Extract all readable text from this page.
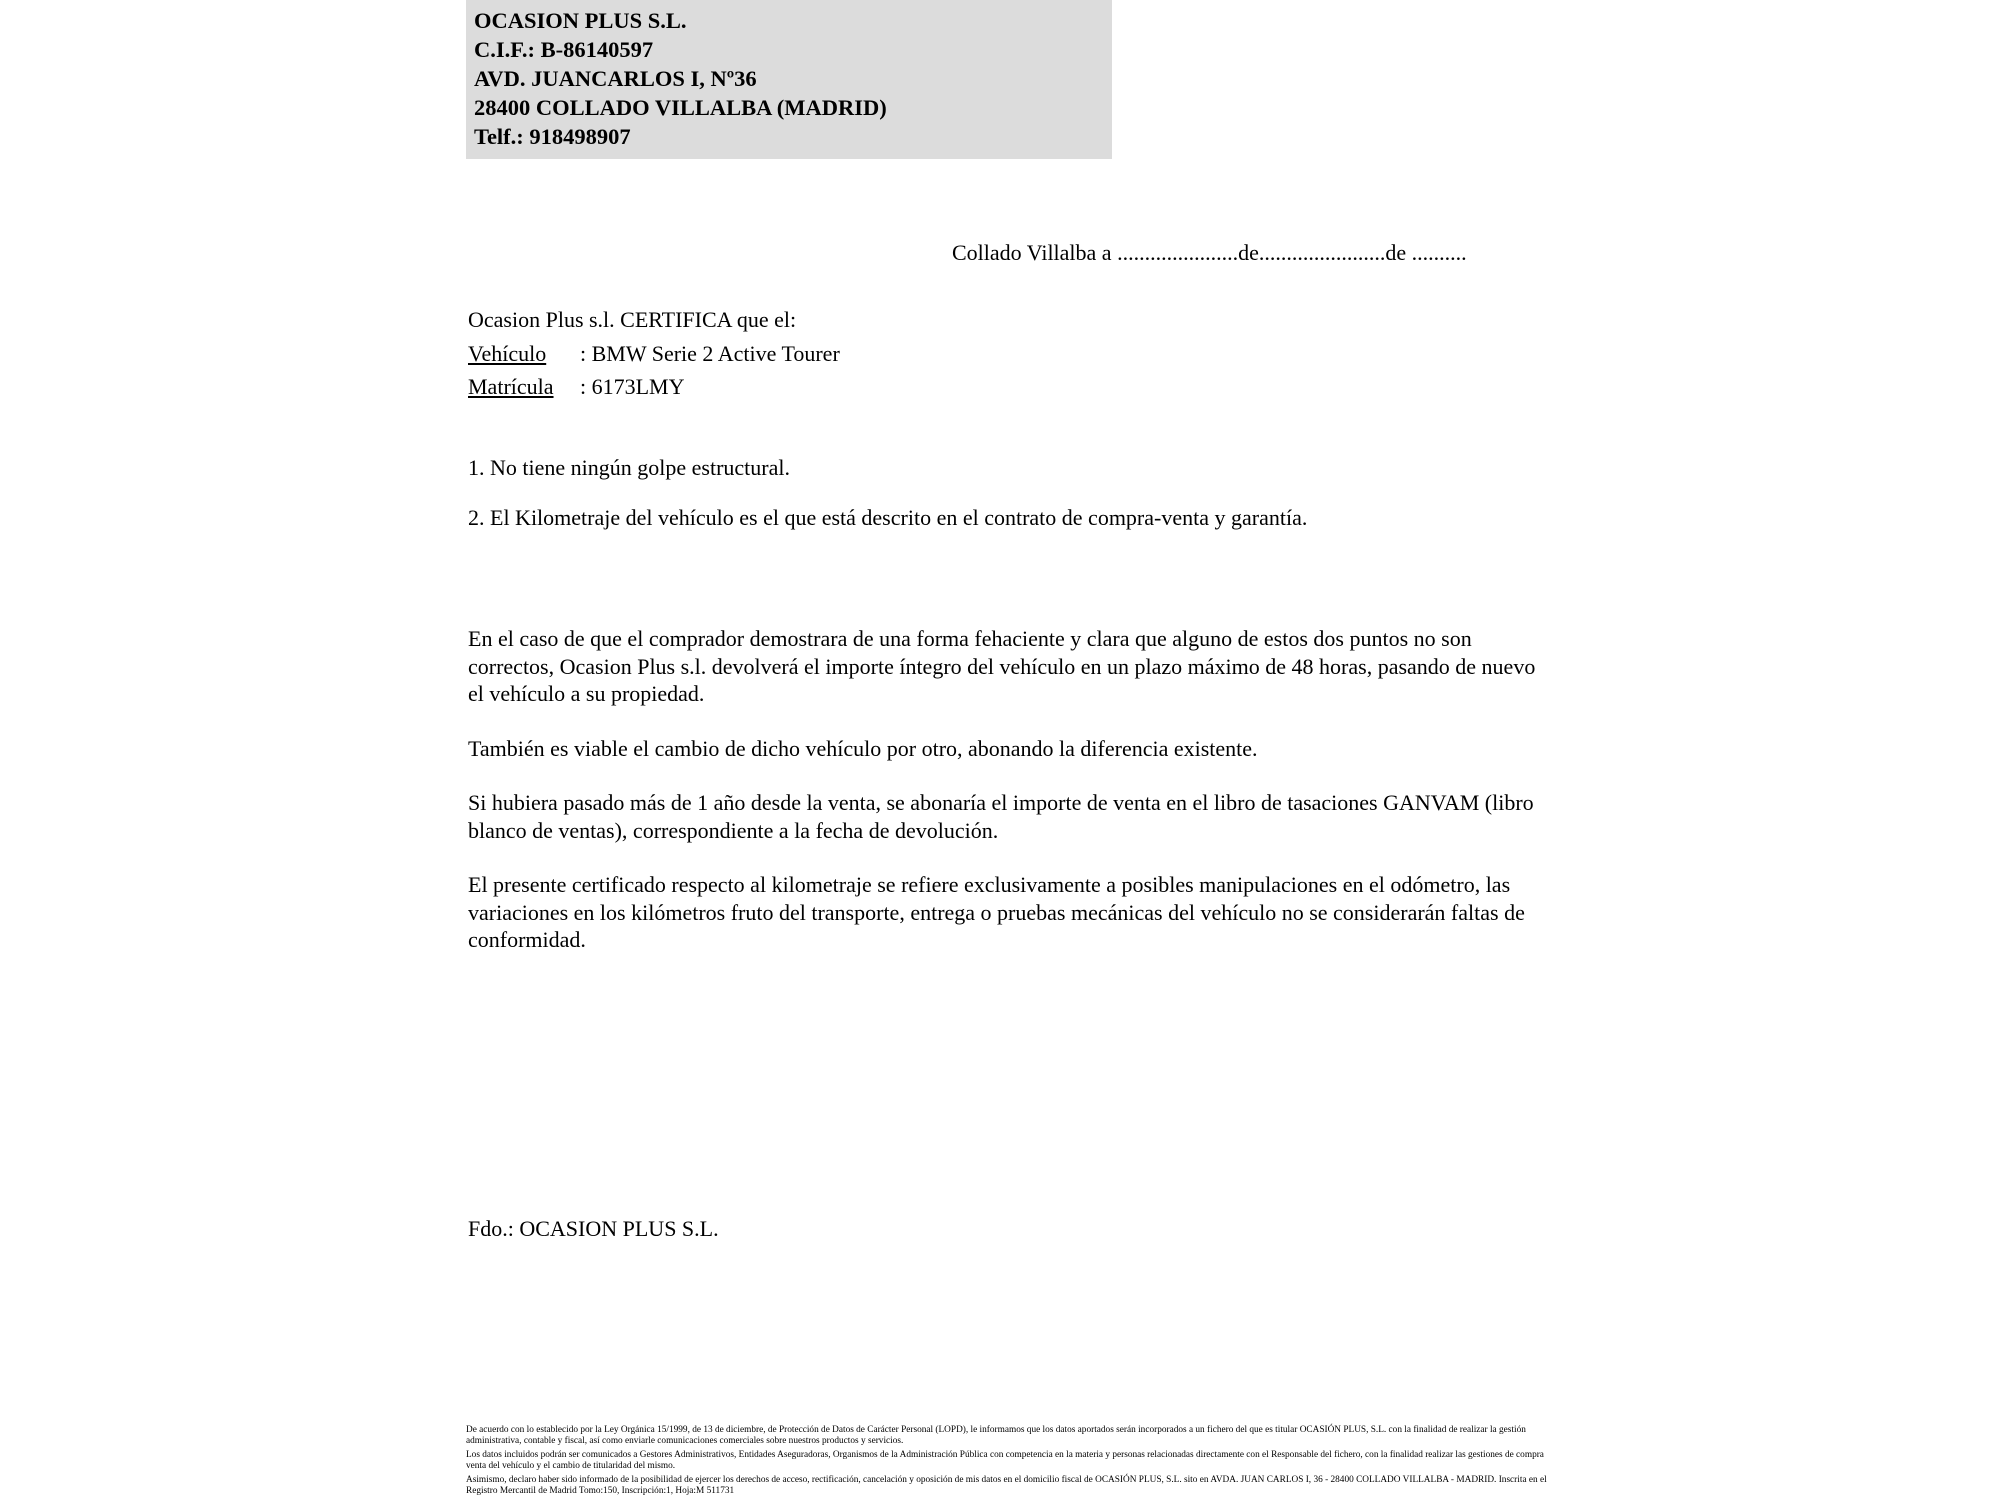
OCASION PLUS S.L.
C.I.F.: B-86140597
AVD. JUANCARLOS I, Nº36
28400 COLLADO VILLALBA (MADRID)
Telf.: 918498907
Collado Villalba a ......................de.......................de ..........
Ocasion Plus s.l. CERTIFICA que el:
Vehículo : BMW Serie 2 Active Tourer
Matrícula : 6173LMY
1. No tiene ningún golpe estructural.
2. El Kilometraje del vehículo es el que está descrito en el contrato de compra-venta y garantía.
En el caso de que el comprador demostrara de una forma fehaciente y clara que alguno de estos dos puntos no son correctos, Ocasion Plus s.l. devolverá el importe íntegro del vehículo en un plazo máximo de 48 horas, pasando de nuevo el vehículo a su propiedad.
También es viable el cambio de dicho vehículo por otro, abonando la diferencia existente.
Si hubiera pasado más de 1 año desde la venta, se abonaría el importe de venta en el libro de tasaciones GANVAM (libro blanco de ventas), correspondiente a la fecha de devolución.
El presente certificado respecto al kilometraje se refiere exclusivamente a posibles manipulaciones en el odómetro, las variaciones en los kilómetros fruto del transporte, entrega o pruebas mecánicas del vehículo no se considerarán faltas de conformidad.
Fdo.: OCASION PLUS S.L.

De acuerdo con lo establecido por la Ley Orgánica 15/1999, de 13 de diciembre, de Protección de Datos de Carácter Personal (LOPD), le informamos que los datos aportados serán incorporados a un fichero del que es titular OCASIÓN PLUS, S.L. con la finalidad de realizar la gestión administrativa, contable y fiscal, así como enviarle comunicaciones comerciales sobre nuestros productos y servicios.

Los datos incluidos podrán ser comunicados a Gestores Administrativos, Entidades Aseguradoras, Organismos de la Administración Pública con competencia en la materia y personas relacionadas directamente con el Responsable del fichero, con la finalidad realizar las gestiones de compra venta del vehículo y el cambio de titularidad del mismo.

Asimismo, declaro haber sido informado de la posibilidad de ejercer los derechos de acceso, rectificación, cancelación y oposición de mis datos en el domicilio fiscal de OCASIÓN PLUS, S.L. sito en AVDA. JUAN CARLOS I, 36 - 28400 COLLADO VILLALBA - MADRID. Inscrita en el Registro Mercantil de Madrid Tomo:150, Inscripción:1, Hoja:M 511731
